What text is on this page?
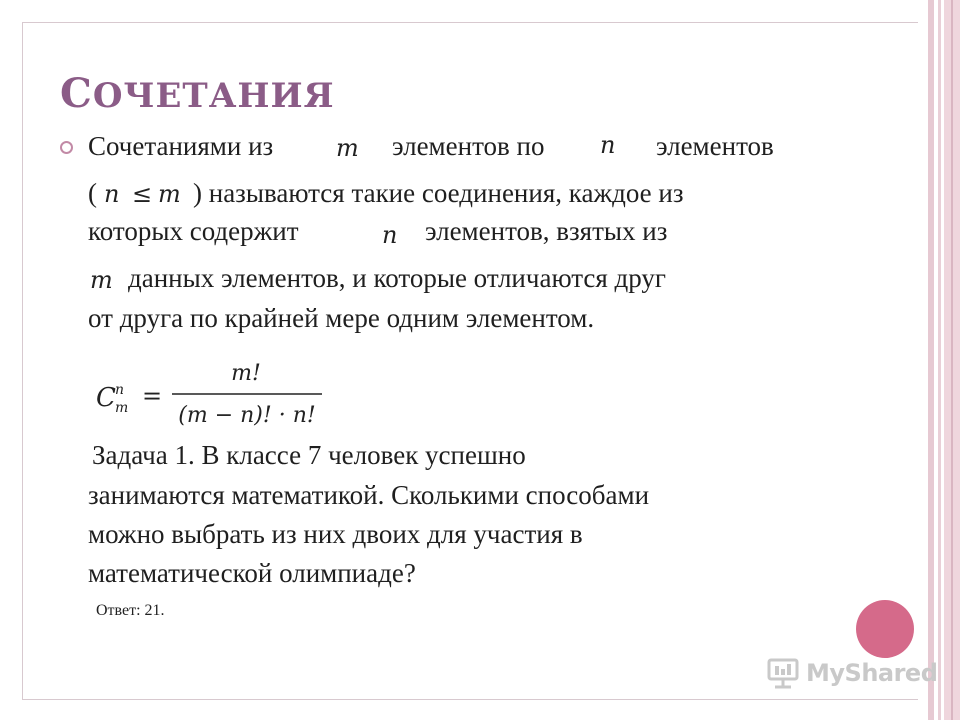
СОЧЕТАНИЯ

Сочетаниями из	m элементов по n элементов

( n ≤ m ) называются такие соединения, каждое из

которых содержит	n элементов, взятых из

m данных элементов, и которые отличаются друг

от друга по крайней мере одним элементом.

C n
m =
m!
(m − n)! · n!

Задача 1. В классе 7 человек успешно

занимаются математикой. Сколькими способами

можно выбрать из них двоих для участия в

математической олимпиаде?

Ответ: 21.

MyShared
